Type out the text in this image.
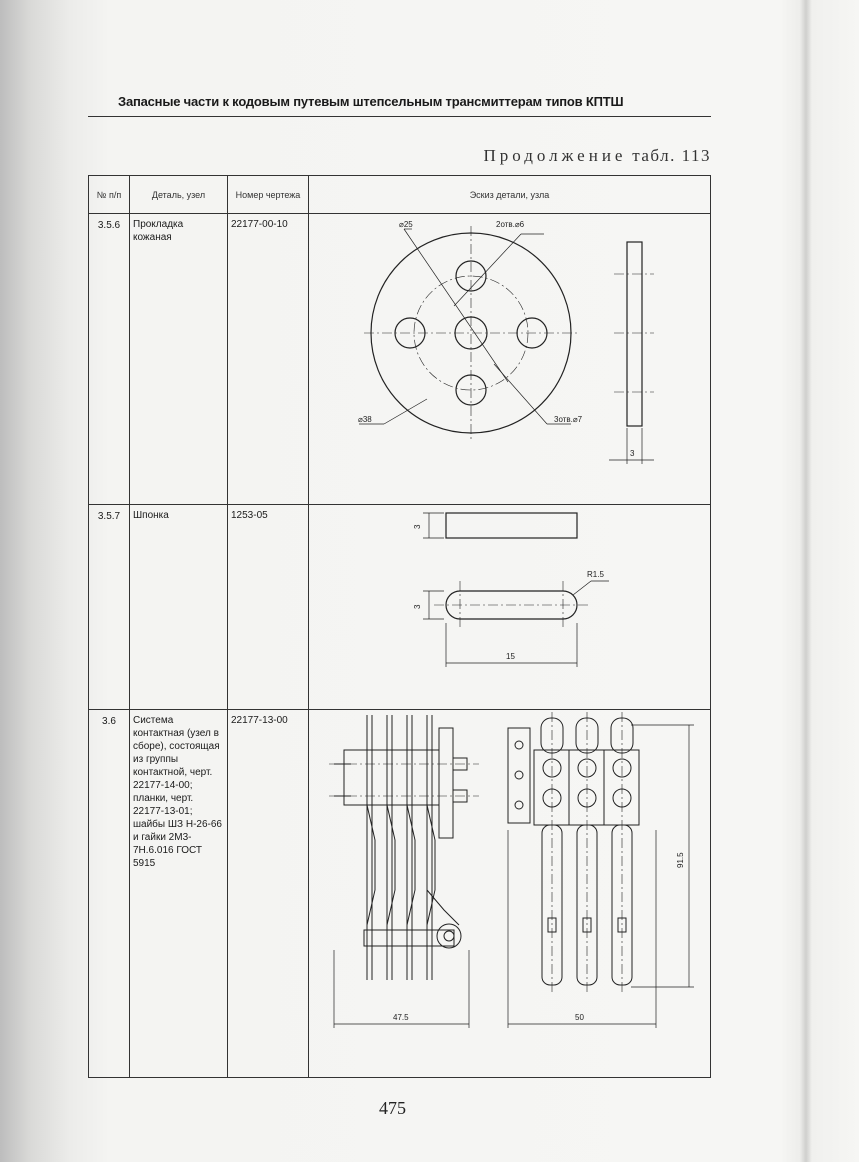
Запасные части к кодовым путевым штепсельным трансмиттерам типов КПТШ
Продолжение табл. 113
№ п/п	Деталь, узел	Номер чертежа	Эскиз детали, узла
3.5.6	Прокладка кожаная	22177-00-10	⌀25 2отв.⌀6
⌀38 3отв.⌀7
3

3.5.7	Шпонка	1253-05	3
3
R1.5
15

3.6	Система контактная (узел в сборе), состоящая из группы контактной, черт. 22177-14-00; планки, черт. 22177-13-01; шайбы ШЗ Н-26-66 и гайки 2М3-7Н.6.016 ГОСТ 5915	22177-13-00	47.5 50
91.5
475
